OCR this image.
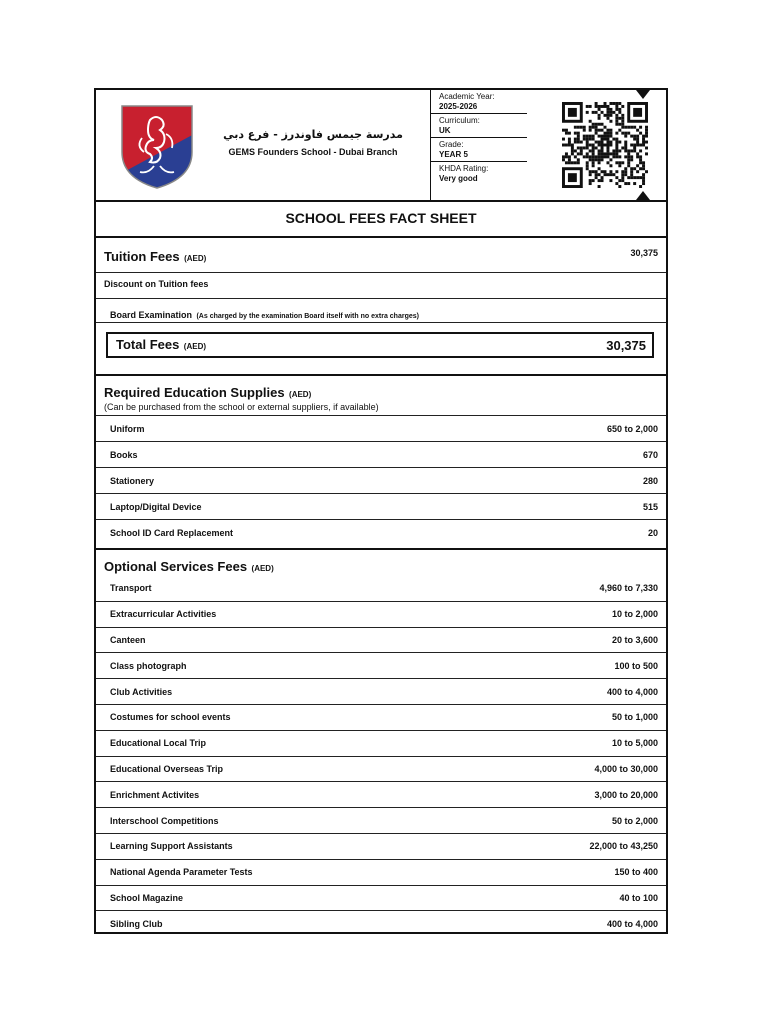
مدرسة جيمس فاوندرز - فرع دبي
GEMS Founders School - Dubai Branch
Academic Year:
2025-2026
Curriculum:
UK
Grade:
YEAR 5
KHDA Rating:
Very good
SCHOOL FEES FACT SHEET
Tuition Fees (AED)
30,375
Discount on Tuition fees
Board Examination (As charged by the examination Board itself with no extra charges)
Total Fees (AED)	30,375
Required Education Supplies (AED)
(Can be purchased from the school or external suppliers, if available)
Uniform	650 to 2,000
Books	670
Stationery	280
Laptop/Digital Device	515
School ID Card Replacement	20
Optional Services Fees (AED)
Transport	4,960 to 7,330
Extracurricular Activities	10 to 2,000
Canteen	20 to 3,600
Class photograph	100 to 500
Club Activities	400 to 4,000
Costumes for school events	50 to 1,000
Educational Local Trip	10 to 5,000
Educational Overseas Trip	4,000 to 30,000
Enrichment Activites	3,000 to 20,000
Interschool Competitions	50 to 2,000
Learning Support Assistants	22,000 to 43,250
National Agenda Parameter Tests	150 to 400
School Magazine	40 to 100
Sibling Club	400 to 4,000
